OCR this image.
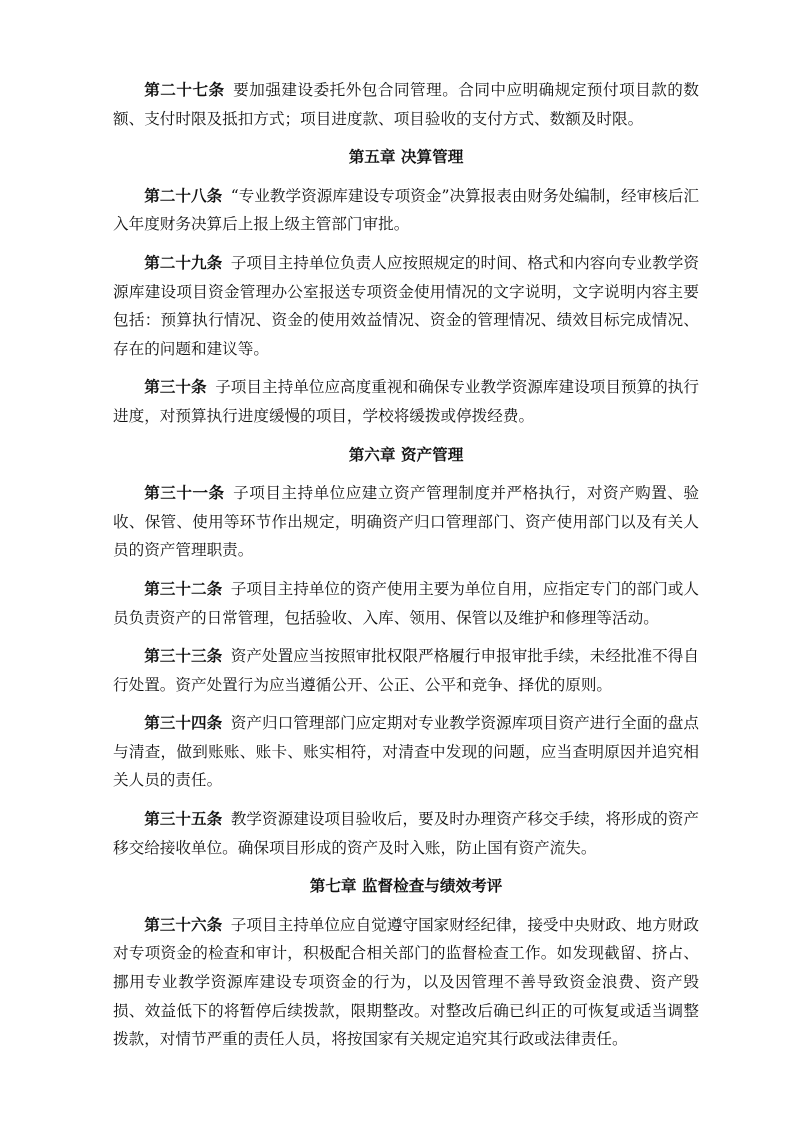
第二十七条 要加强建设委托外包合同管理。合同中应明确规定预付项目款的数额、支付时限及抵扣方式；项目进度款、项目验收的支付方式、数额及时限。

第五章 决算管理

第二十八条 “专业教学资源库建设专项资金”决算报表由财务处编制，经审核后汇入年度财务决算后上报上级主管部门审批。

第二十九条 子项目主持单位负责人应按照规定的时间、格式和内容向专业教学资源库建设项目资金管理办公室报送专项资金使用情况的文字说明，文字说明内容主要包括：预算执行情况、资金的使用效益情况、资金的管理情况、绩效目标完成情况、存在的问题和建议等。

第三十条 子项目主持单位应高度重视和确保专业教学资源库建设项目预算的执行进度，对预算执行进度缓慢的项目，学校将缓拨或停拨经费。

第六章 资产管理

第三十一条 子项目主持单位应建立资产管理制度并严格执行，对资产购置、验收、保管、使用等环节作出规定，明确资产归口管理部门、资产使用部门以及有关人员的资产管理职责。

第三十二条 子项目主持单位的资产使用主要为单位自用，应指定专门的部门或人员负责资产的日常管理，包括验收、入库、领用、保管以及维护和修理等活动。

第三十三条 资产处置应当按照审批权限严格履行申报审批手续，未经批准不得自行处置。资产处置行为应当遵循公开、公正、公平和竞争、择优的原则。

第三十四条 资产归口管理部门应定期对专业教学资源库项目资产进行全面的盘点与清查，做到账账、账卡、账实相符，对清查中发现的问题，应当查明原因并追究相关人员的责任。

第三十五条 教学资源建设项目验收后，要及时办理资产移交手续，将形成的资产移交给接收单位。确保项目形成的资产及时入账，防止国有资产流失。

第七章 监督检查与绩效考评

第三十六条 子项目主持单位应自觉遵守国家财经纪律，接受中央财政、地方财政对专项资金的检查和审计，积极配合相关部门的监督检查工作。如发现截留、挤占、挪用专业教学资源库建设专项资金的行为，以及因管理不善导致资金浪费、资产毁损、效益低下的将暂停后续拨款，限期整改。对整改后确已纠正的可恢复或适当调整拨款，对情节严重的责任人员，将按国家有关规定追究其行政或法律责任。
